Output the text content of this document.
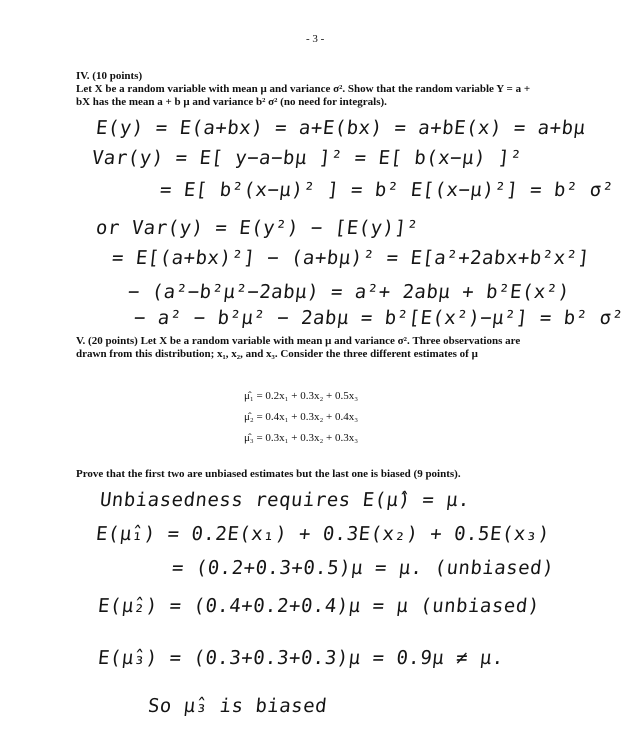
- 3 -
IV. (10 points)
Let X be a random variable with mean μ and variance σ². Show that the random variable Y = a +
bX has the mean a + b μ and variance b² σ² (no need for integrals).
E(y) = E(a+bx) = a+E(bx) = a+bE(x) = a+bμ
Var(y) = E[ y−a−bμ ]² = E[ b(x−μ) ]²
= E[ b²(x−μ)² ] = b² E[(x−μ)²] = b² σ²
or Var(y) = E(y²) − [E(y)]²
= E[(a+bx)²] − (a+bμ)² = E[a²+2abx+b²x²]
− (a²−b²μ²−2abμ) = a²+ 2abμ + b²E(x²)
− a² − b²μ² − 2abμ = b²[E(x²)−μ²] = b² σ²
V. (20 points) Let X be a random variable with mean μ and variance σ². Three observations are
drawn from this distribution; x₁, x₂, and x₃. Consider the three different estimates of μ
μ̂₁ = 0.2x₁ + 0.3x₂ + 0.5x₃
μ̂₂ = 0.4x₁ + 0.3x₂ + 0.4x₃
μ̂₃ = 0.3x₁ + 0.3x₂ + 0.3x₃
Prove that the first two are unbiased estimates but the last one is biased (9 points).
Unbiasedness requires E(μ̂) = μ.
E(μ̂₁) = 0.2E(x₁) + 0.3E(x₂) + 0.5E(x₃)
= (0.2+0.3+0.5)μ = μ. (unbiased)
E(μ̂₂) = (0.4+0.2+0.4)μ = μ (unbiased)
E(μ̂₃) = (0.3+0.3+0.3)μ = 0.9μ ≠ μ.
So μ̂₃ is biased
